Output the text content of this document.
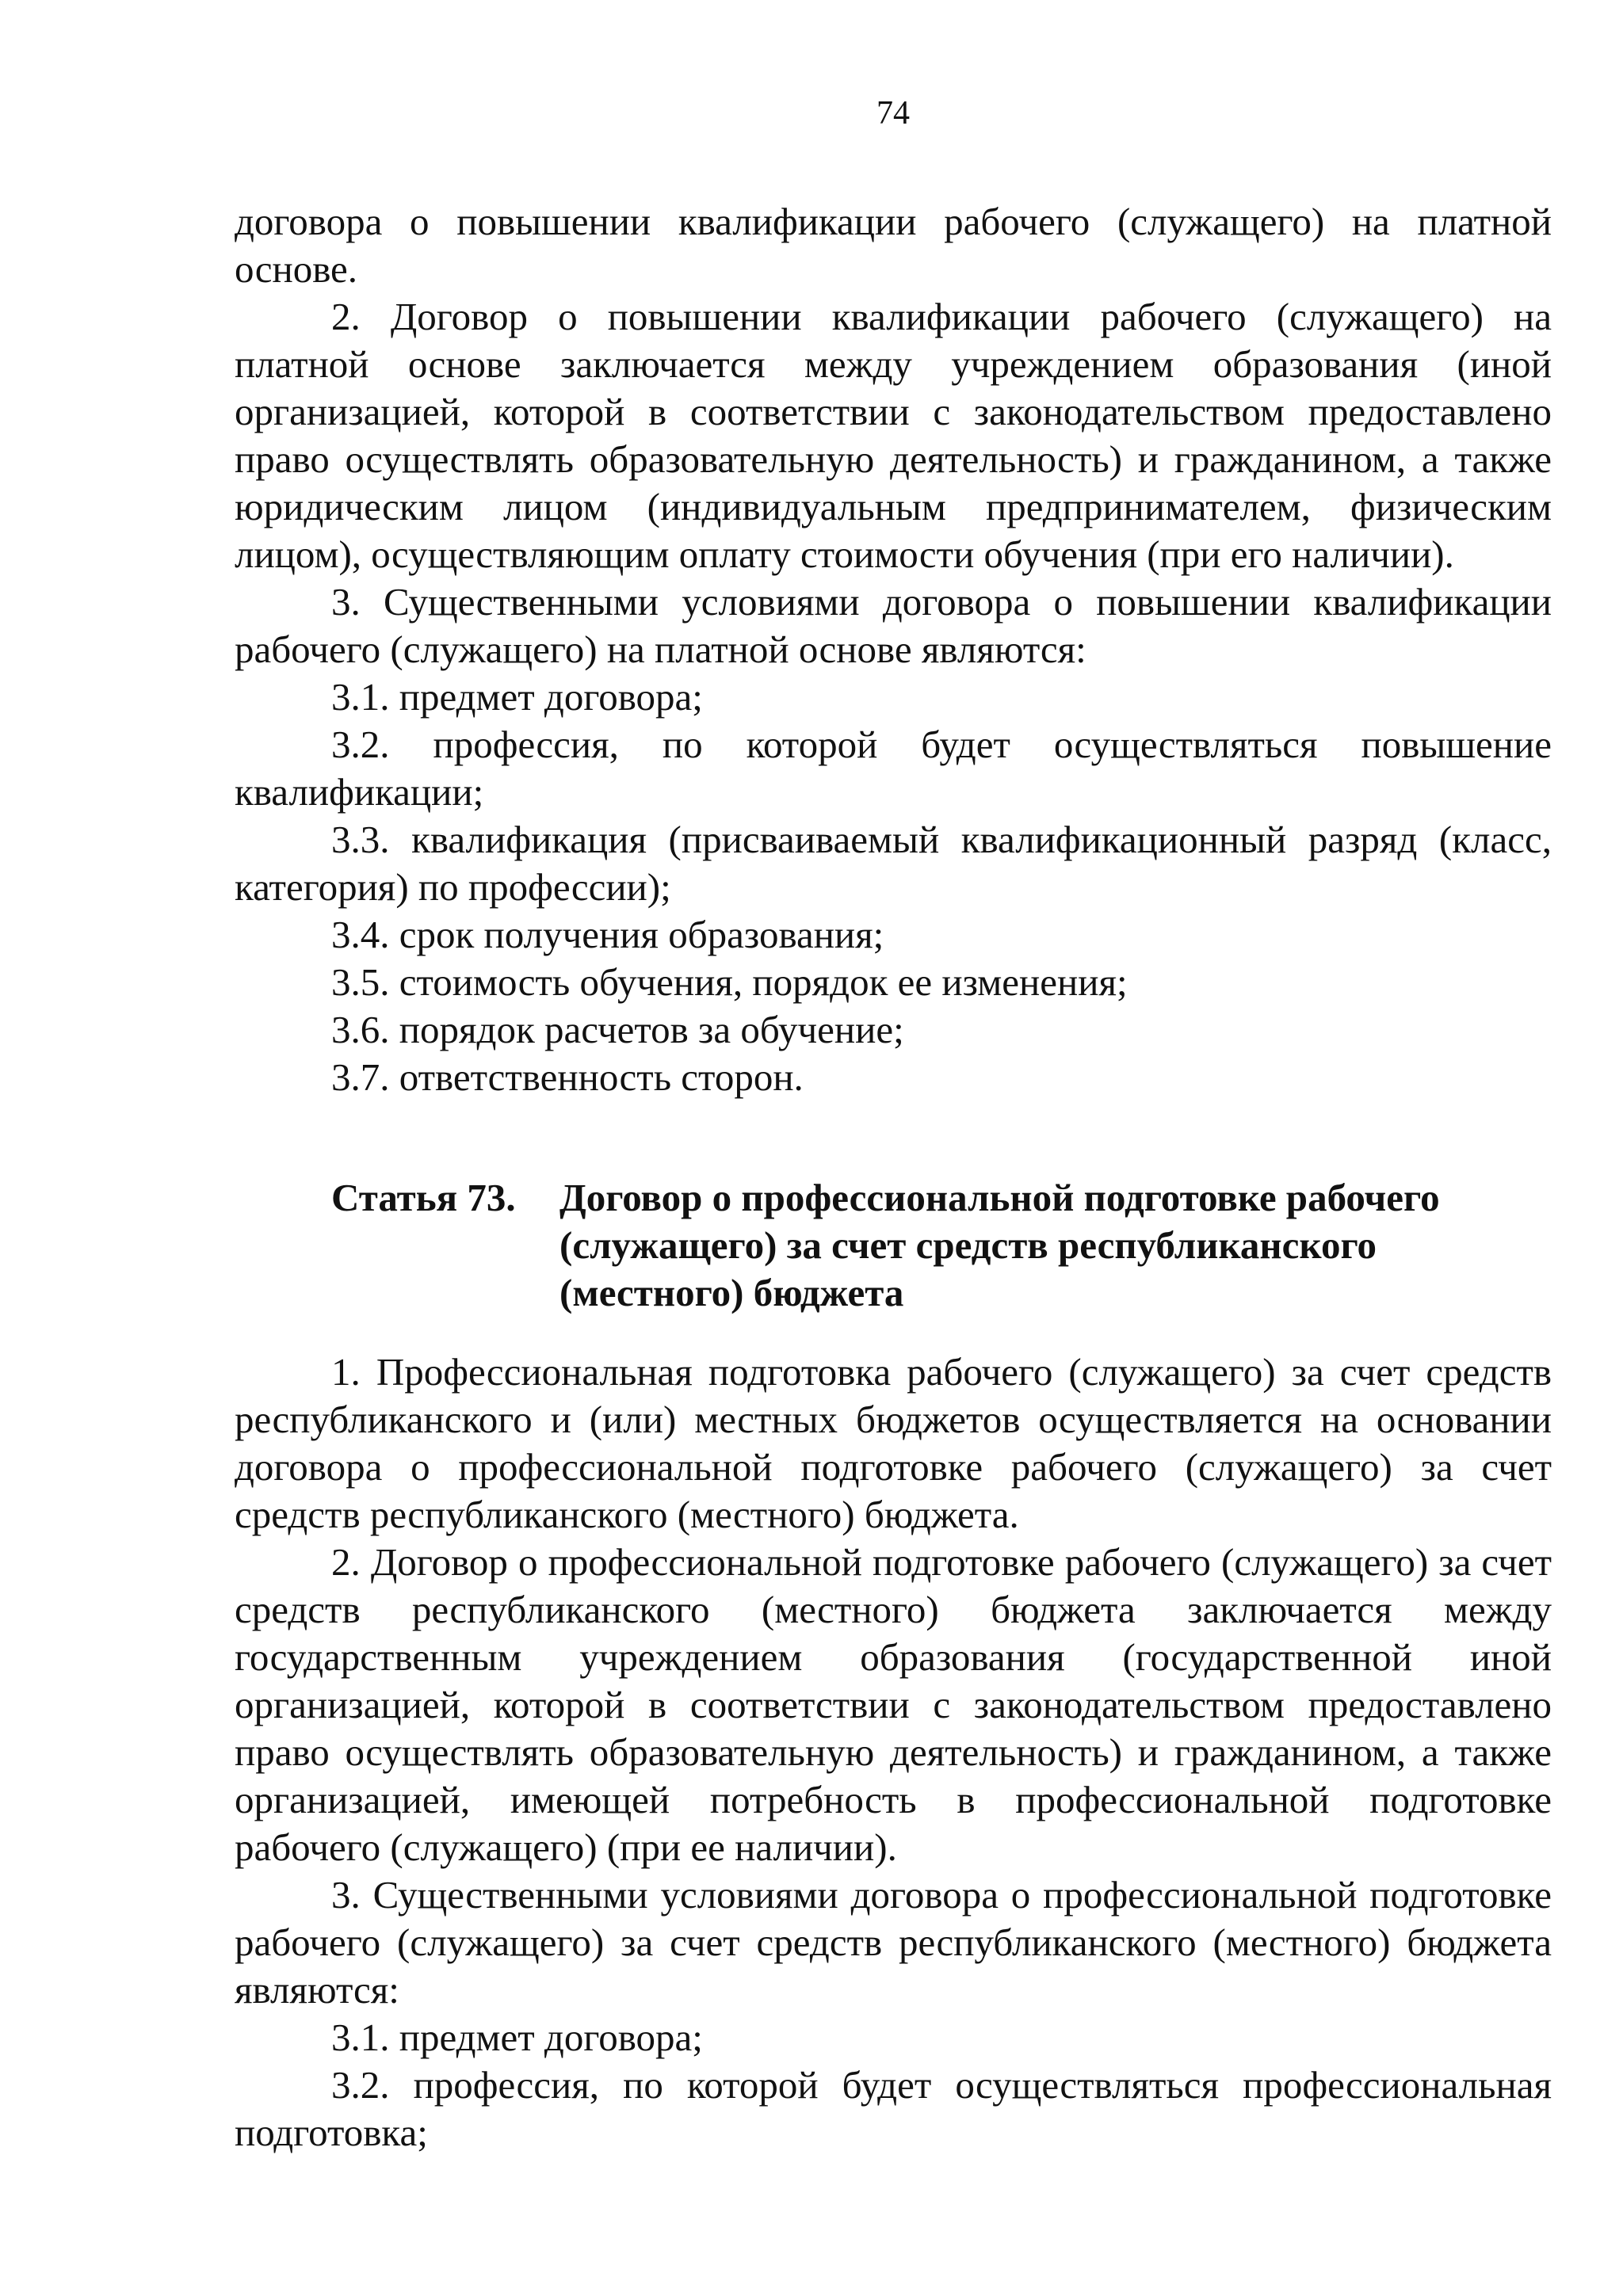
74

договора о повышении квалификации рабочего (служащего) на платной основе.

2. Договор о повышении квалификации рабочего (служащего) на платной основе заключается между учреждением образования (иной организацией, которой в соответствии с законодательством предоставлено право осуществлять образовательную деятельность) и гражданином, а также юридическим лицом (индивидуальным предпринимателем, физическим лицом), осуществляющим оплату стоимости обучения (при его наличии).

3. Существенными условиями договора о повышении квалификации рабочего (служащего) на платной основе являются:

3.1. предмет договора;

3.2. профессия, по которой будет осуществляться повышение квалификации;

3.3. квалификация (присваиваемый квалификационный разряд (класс, категория) по профессии);

3.4. срок получения образования;

3.5. стоимость обучения, порядок ее изменения;

3.6. порядок расчетов за обучение;

3.7. ответственность сторон.

Статья 73.	Договор о профессиональной подготовке рабочего (служащего) за счет средств республиканского (местного) бюджета

1. Профессиональная подготовка рабочего (служащего) за счет средств республиканского и (или) местных бюджетов осуществляется на основании договора о профессиональной подготовке рабочего (служащего) за счет средств республиканского (местного) бюджета.

2. Договор о профессиональной подготовке рабочего (служащего) за счет средств республиканского (местного) бюджета заключается между государственным учреждением образования (государственной иной организацией, которой в соответствии с законодательством предоставлено право осуществлять образовательную деятельность) и гражданином, а также организацией, имеющей потребность в профессиональной подготовке рабочего (служащего) (при ее наличии).

3. Существенными условиями договора о профессиональной подготовке рабочего (служащего) за счет средств республиканского (местного) бюджета являются:

3.1. предмет договора;

3.2. профессия, по которой будет осуществляться профессиональная подготовка;
